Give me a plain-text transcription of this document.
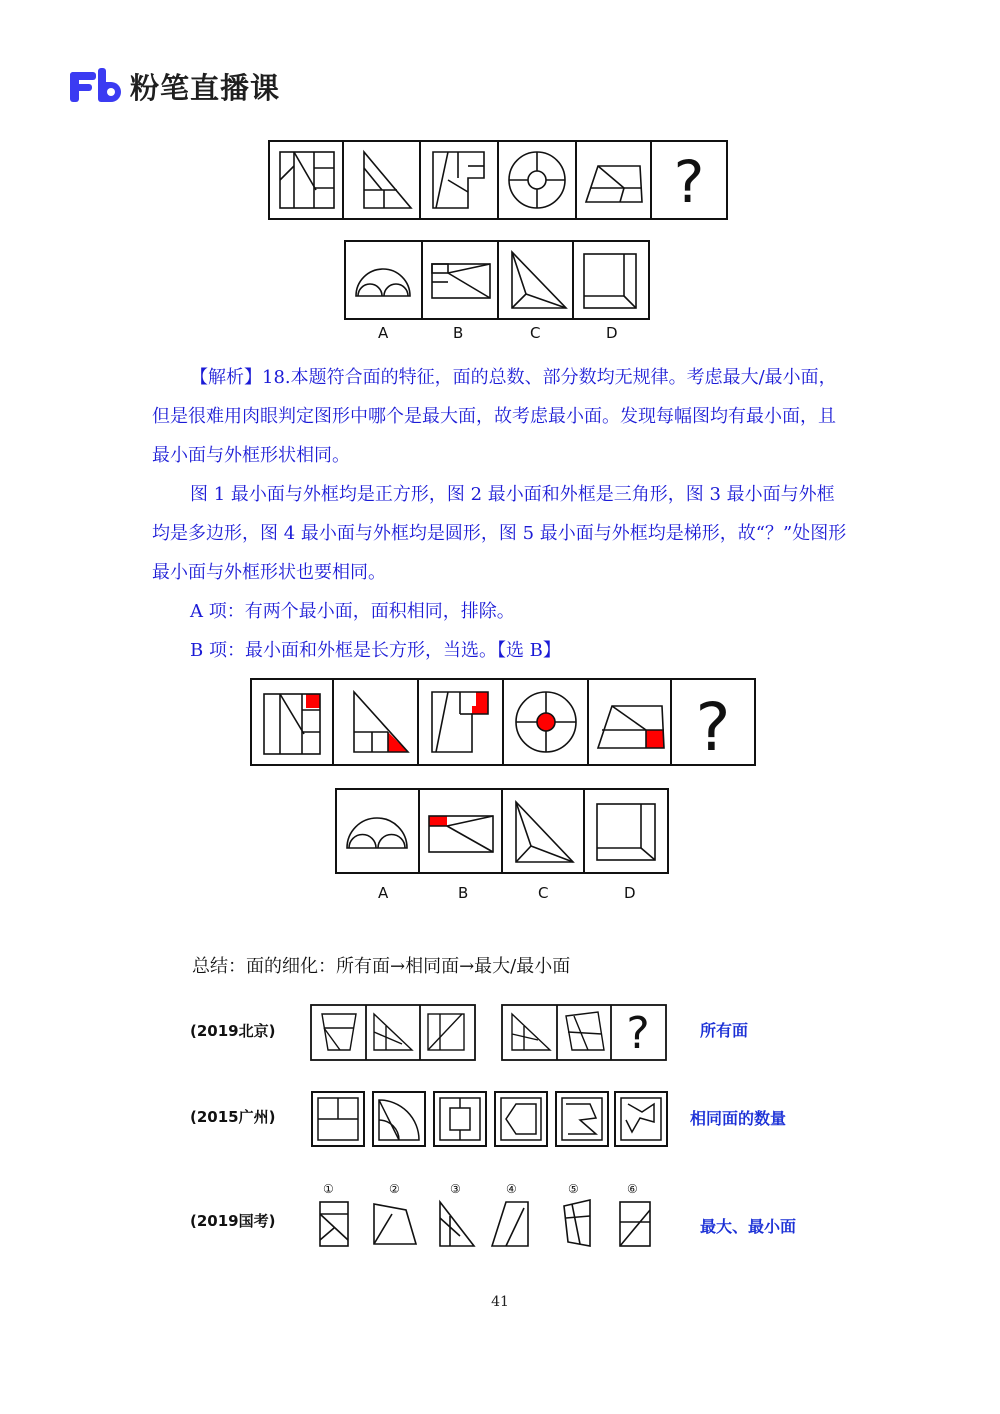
粉笔直播课
?
A	B	C	D

【解析】18.本题符合面的特征，面的总数、部分数均无规律。考虑最大/最小面，但是很难用肉眼判定图形中哪个是最大面，故考虑最小面。发现每幅图均有最小面，且最小面与外框形状相同。

图 1 最小面与外框均是正方形，图 2 最小面和外框是三角形，图 3 最小面与外框均是多边形，图 4 最小面与外框均是圆形，图 5 最小面与外框均是梯形，故“？”处图形最小面与外框形状也要相同。

A 项：有两个最小面，面积相同，排除。

B 项：最小面和外框是长方形，当选。【选 B】

?
A	B	C	D
总结：面的细化：所有面→相同面→最大/最小面
(2019北京)	?	所有面
(2015广州)	相同面的数量
①	②	③	④	⑤	⑥
(2019国考)	最大、最小面
41
